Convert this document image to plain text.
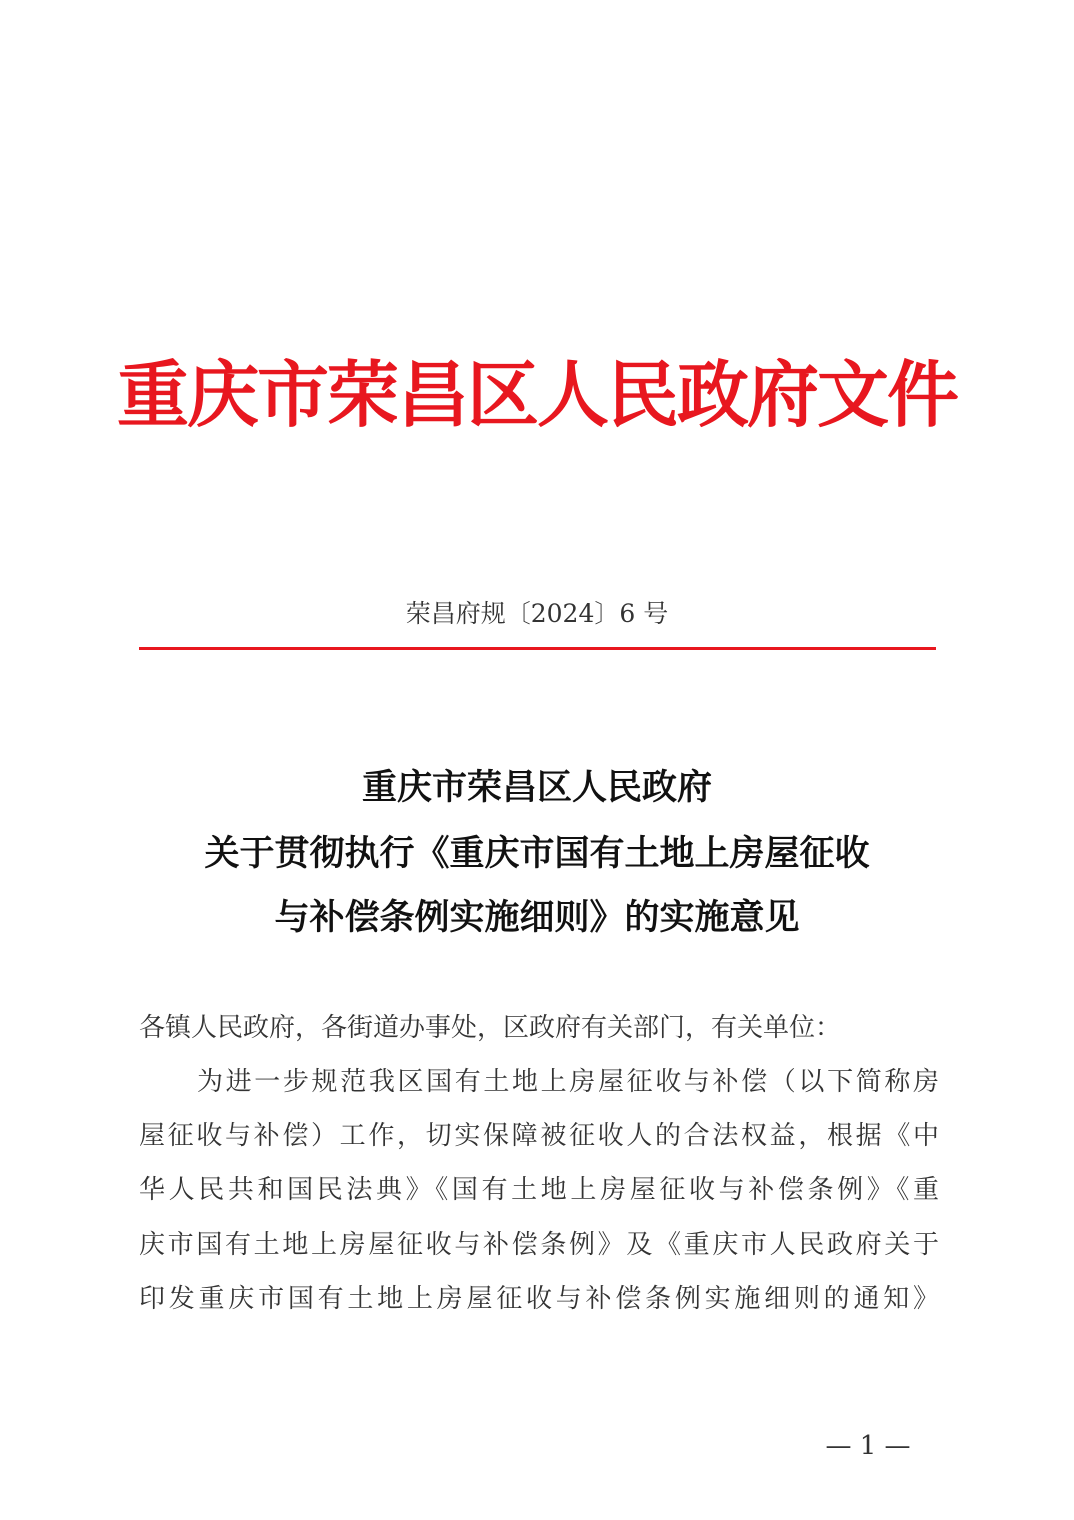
重庆市荣昌区人民政府文件
荣昌府规〔2024〕6 号
重庆市荣昌区人民政府
关于贯彻执行《重庆市国有土地上房屋征收
与补偿条例实施细则》的实施意见
各镇人民政府，各街道办事处，区政府有关部门，有关单位：
为进一步规范我区国有土地上房屋征收与补偿（以下简称房
屋征收与补偿）工作，切实保障被征收人的合法权益，根据《中
华人民共和国民法典》《国有土地上房屋征收与补偿条例》《重
庆市国有土地上房屋征收与补偿条例》及《重庆市人民政府关于
印发重庆市国有土地上房屋征收与补偿条例实施细则的通知》
— 1 —
